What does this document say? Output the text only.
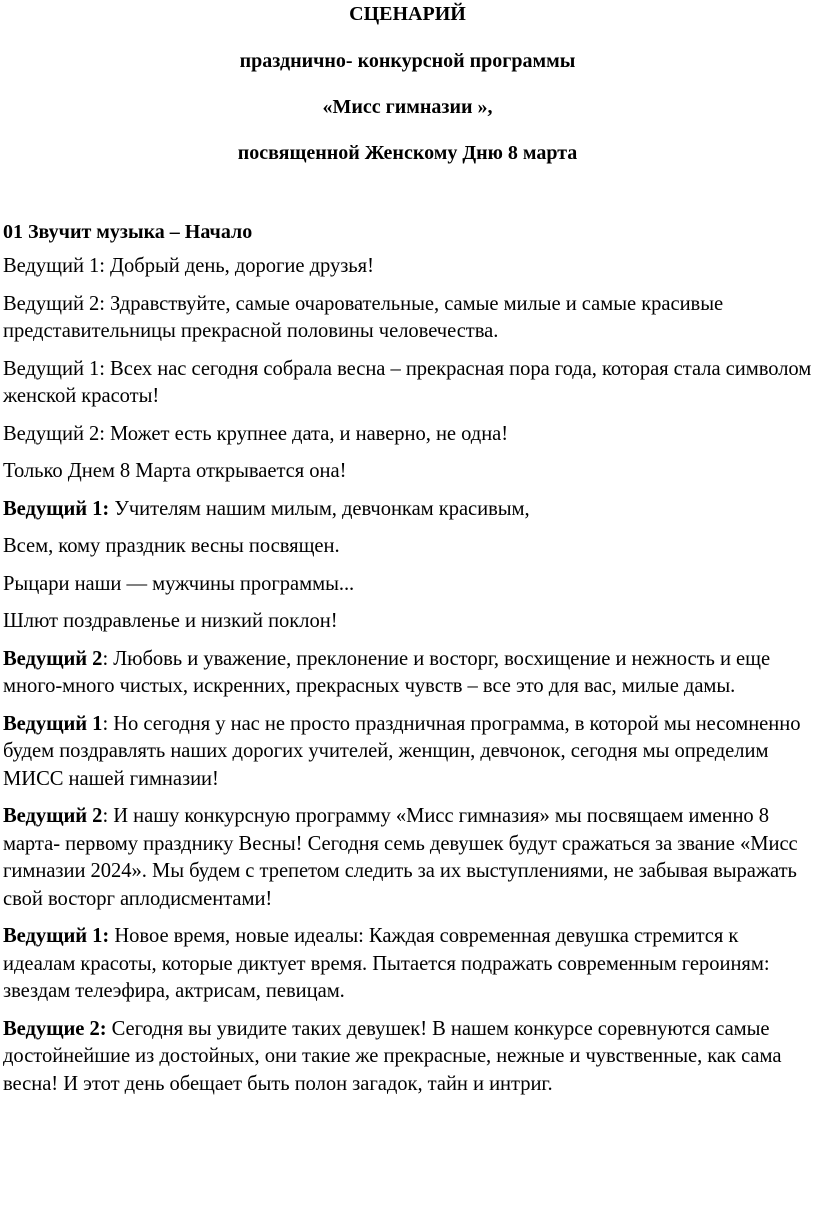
СЦЕНАРИЙ

празднично- конкурсной программы

«Мисс гимназии »,

посвященной Женскому Дню 8 марта

01 Звучит музыка – Начало

Ведущий 1: Добрый день, дорогие друзья!

Ведущий 2: Здравствуйте, самые очаровательные, самые милые и самые красивые представительницы прекрасной половины человечества.

Ведущий 1: Всех нас сегодня собрала весна – прекрасная пора года, которая стала символом женской красоты!

Ведущий 2: Может есть крупнее дата, и наверно, не одна!

Только Днем 8 Марта открывается она!

Ведущий 1: Учителям нашим милым, девчонкам красивым,

Всем, кому праздник весны посвящен.

Рыцари наши — мужчины программы...

Шлют поздравленье и низкий поклон!

Ведущий 2: Любовь и уважение, преклонение и восторг, восхищение и нежность и еще много-много чистых, искренних, прекрасных чувств – все это для вас, милые дамы.

Ведущий 1: Но сегодня у нас не просто праздничная программа, в которой мы несомненно будем поздравлять наших дорогих учителей, женщин, девчонок, сегодня мы определим МИСС нашей гимназии!

Ведущий 2: И нашу конкурсную программу «Мисс гимназия» мы посвящаем именно 8 марта- первому празднику Весны! Сегодня семь девушек будут сражаться за звание «Мисс гимназии 2024». Мы будем с трепетом следить за их выступлениями, не забывая выражать свой восторг аплодисментами!

Ведущий 1: Новое время, новые идеалы: Каждая современная девушка стремится к идеалам красоты, которые диктует время. Пытается подражать современным героиням: звездам телеэфира, актрисам, певицам.

Ведущие 2: Сегодня вы увидите таких девушек! В нашем конкурсе соревнуются самые достойнейшие из достойных, они такие же прекрасные, нежные и чувственные, как сама весна! И этот день обещает быть полон загадок, тайн и интриг.
